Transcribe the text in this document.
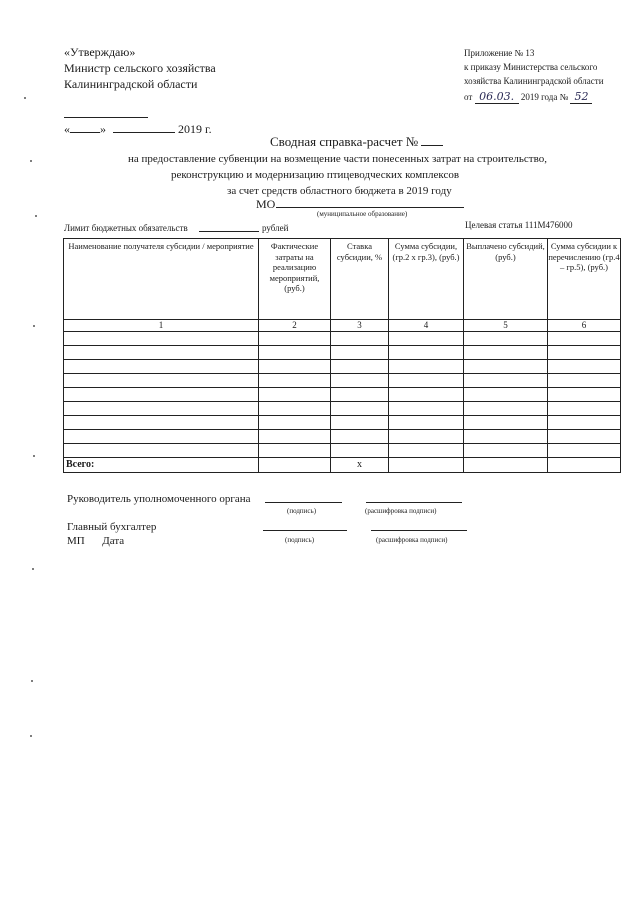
«Утверждаю»
Министр сельского хозяйства
Калининградской области
«	»	2019 г.
Приложение № 13
к приказу Министерства сельского
хозяйства Калининградской области
от 06.03. 2019 года № 52
Сводная справка-расчет №
на предоставление субвенции на возмещение части понесенных затрат на строительство,
реконструкцию и модернизацию птицеводческих комплексов
за счет средств областного бюджета в 2019 году
МО
(муниципальное образование)
Лимит бюджетных обязательств	рублей	Целевая статья 111M476000
Наименование получателя субсидии / мероприятие	Фактические затраты на реализацию мероприятий, (руб.)	Ставка субсидии, %	Сумма субсидии, (гр.2 х гр.3), (руб.)	Выплачено субсидий, (руб.)	Сумма субсидии к перечислению (гр.4 – гр.5), (руб.)
1	2	3	4	5	6

Всего:		x			
Руководитель уполномоченного органа
(подпись)	(расшифровка подписи)
Главный бухгалтер
МП Дата	(подпись)	(расшифровка подписи)
